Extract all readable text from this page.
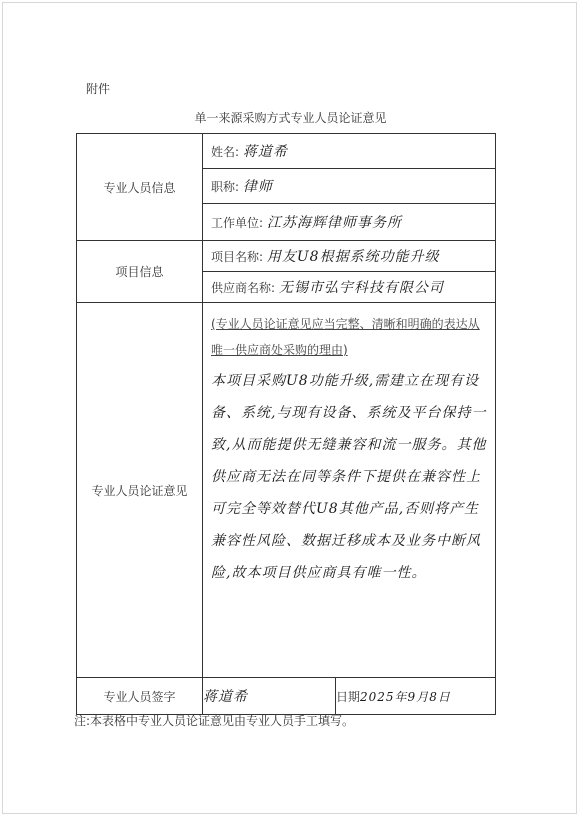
附件
单一来源采购方式专业人员论证意见
专业人员信息	姓名: 蒋道希	

	职称: 律师	

	工作单位: 江苏海辉律师事务所	

项目信息	项目名称: 用友U8根据系统功能升级	

	供应商名称: 无锡市弘宇科技有限公司	

专业人员论证意见	(专业人员论证意见应当完整、清晰和明确的表达从唯一供应商处采购的理由)
本项目采购U8功能升级,需建立在现有设备、系统,与现有设备、系统及平台保持一致,从而能提供无缝兼容和流一服务。其他供应商无法在同等条件下提供在兼容性上可完全等效替代U8其他产品,否则将产生兼容性风险、数据迁移成本及业务中断风险,故本项目供应商具有唯一性。	

专业人员签字	蒋道希	日期2025年9月8日
注:本表格中专业人员论证意见由专业人员手工填写。
